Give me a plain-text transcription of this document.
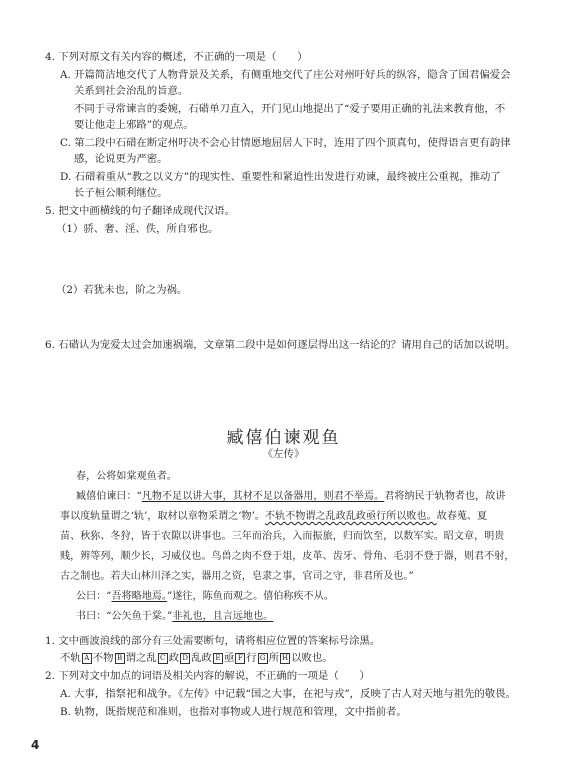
4. 下列对原文有关内容的概述，不正确的一项是（　　）
A. 开篇简洁地交代了人物背景及关系，有侧重地交代了庄公对州吁好兵的纵容，隐含了国君偏爱会
关系到社会治乱的旨意。
不同于寻常谏言的委婉，石碏单刀直入，开门见山地提出了“爱子要用正确的礼法来教育他，不
要让他走上邪路”的观点。
C. 第二段中石碏在断定州吁决不会心甘情愿地屈居人下时，连用了四个顶真句，使得语言更有韵律
感，论说更为严密。
D. 石碏着重从“教之以义方”的现实性、重要性和紧迫性出发进行劝谏，最终被庄公重视，推动了
长子桓公顺利继位。
5. 把文中画横线的句子翻译成现代汉语。
（1）骄、奢、淫、佚，所自邪也。
（2）若犹未也，阶之为祸。
6. 石碏认为宠爱太过会加速祸端，文章第二段中是如何逐层得出这一结论的？请用自己的话加以说明。
臧僖伯谏观鱼
《左传》
春，公将如棠观鱼者。
臧僖伯谏曰：“凡物不足以讲大事，其材不足以备器用，则君不举焉。君将纳民于轨物者也，故讲
事以度轨量谓之‘轨’，取材以章物采谓之‘物’。不轨不物谓之乱政乱政亟行所以败也。故春蒐、夏
苗、秋狝、冬狩，皆于农隙以讲事也。三年而治兵，入而振旅，归而饮至，以数军实。昭文章，明贵
贱，辨等列，顺少长，习威仪也。鸟兽之肉不登于俎，皮革、齿牙、骨角、毛羽不登于器，则君不射，
古之制也。若夫山林川泽之实，器用之资，皂隶之事，官司之守，非君所及也。”
公曰：“吾将略地焉。”遂往，陈鱼而观之。僖伯称疾不从。
书曰：“公矢鱼于棠。”非礼也，且言远地也。
1. 文中画波浪线的部分有三处需要断句，请将相应位置的答案标号涂黑。
不轨 A 不物 B 谓之乱 C 政 D 乱政 E 亟 F 行 G 所 H 以败也。
2. 下列对文中加点的词语及相关内容的解说，不正确的一项是（　　）
A. 大事，指祭祀和战争。《左传》中记载“国之大事，在祀与戎”，反映了古人对天地与祖先的敬畏。
B. 轨物，既指规范和准则，也指对事物或人进行规范和管理，文中指前者。
4
